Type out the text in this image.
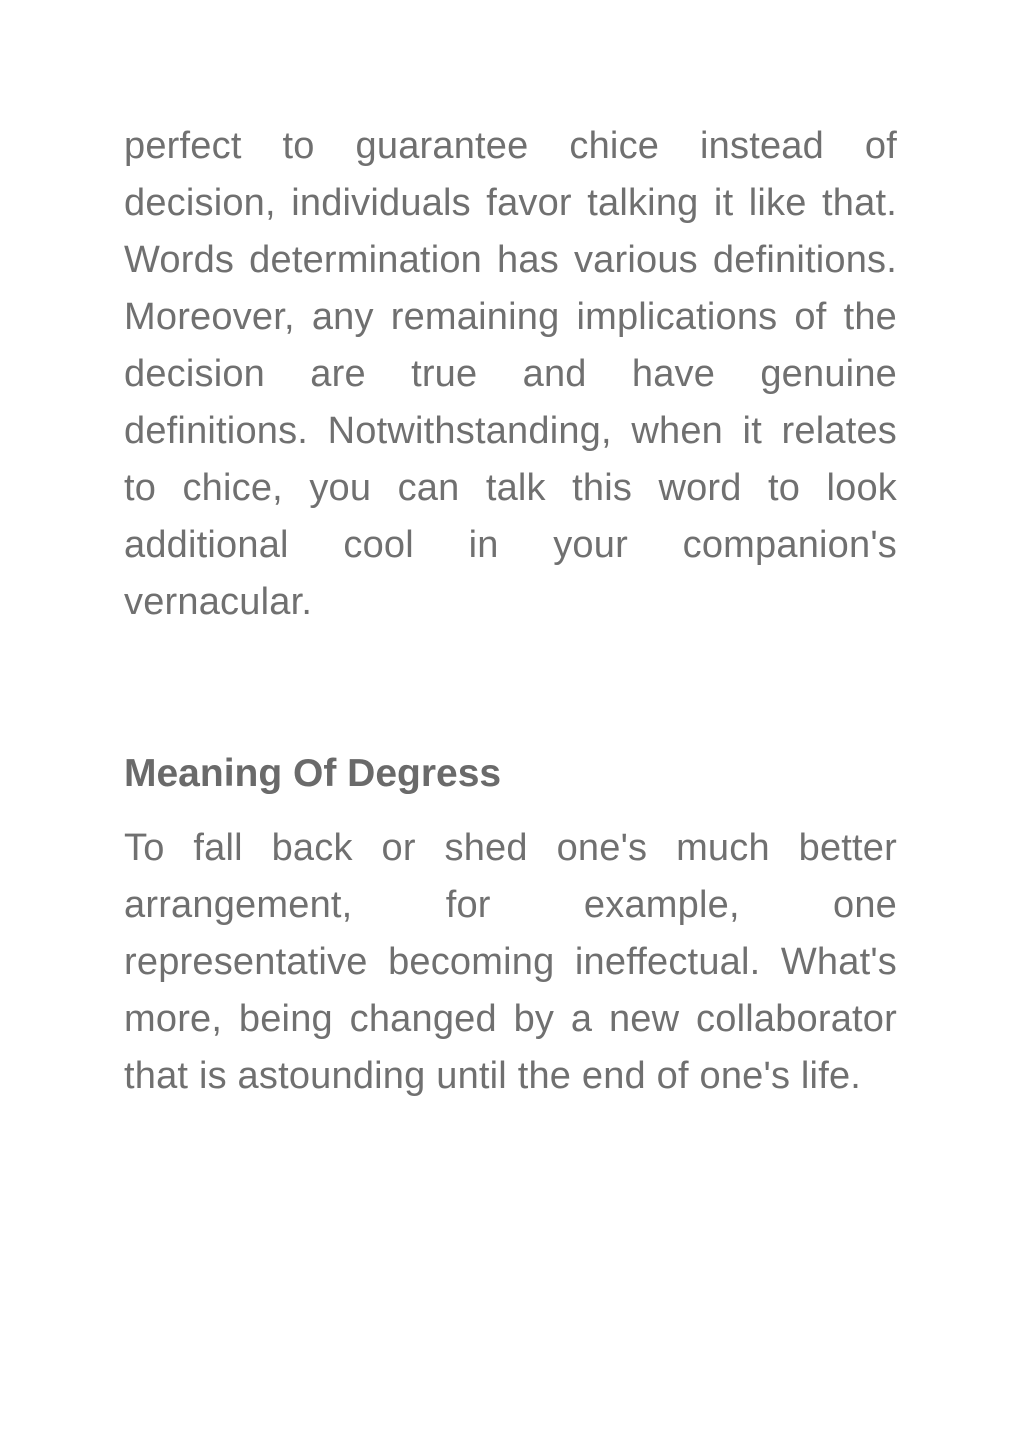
perfect to guarantee chice instead of decision, individuals favor talking it like that. Words determination has various definitions. Moreover, any remaining implications of the decision are true and have genuine definitions. Notwithstanding, when it relates to chice, you can talk this word to look additional cool in your companion's vernacular.

Meaning Of Degress

To fall back or shed one's much better arrangement, for example, one representative becoming ineffectual. What's more, being changed by a new collaborator that is astounding until the end of one's life.
